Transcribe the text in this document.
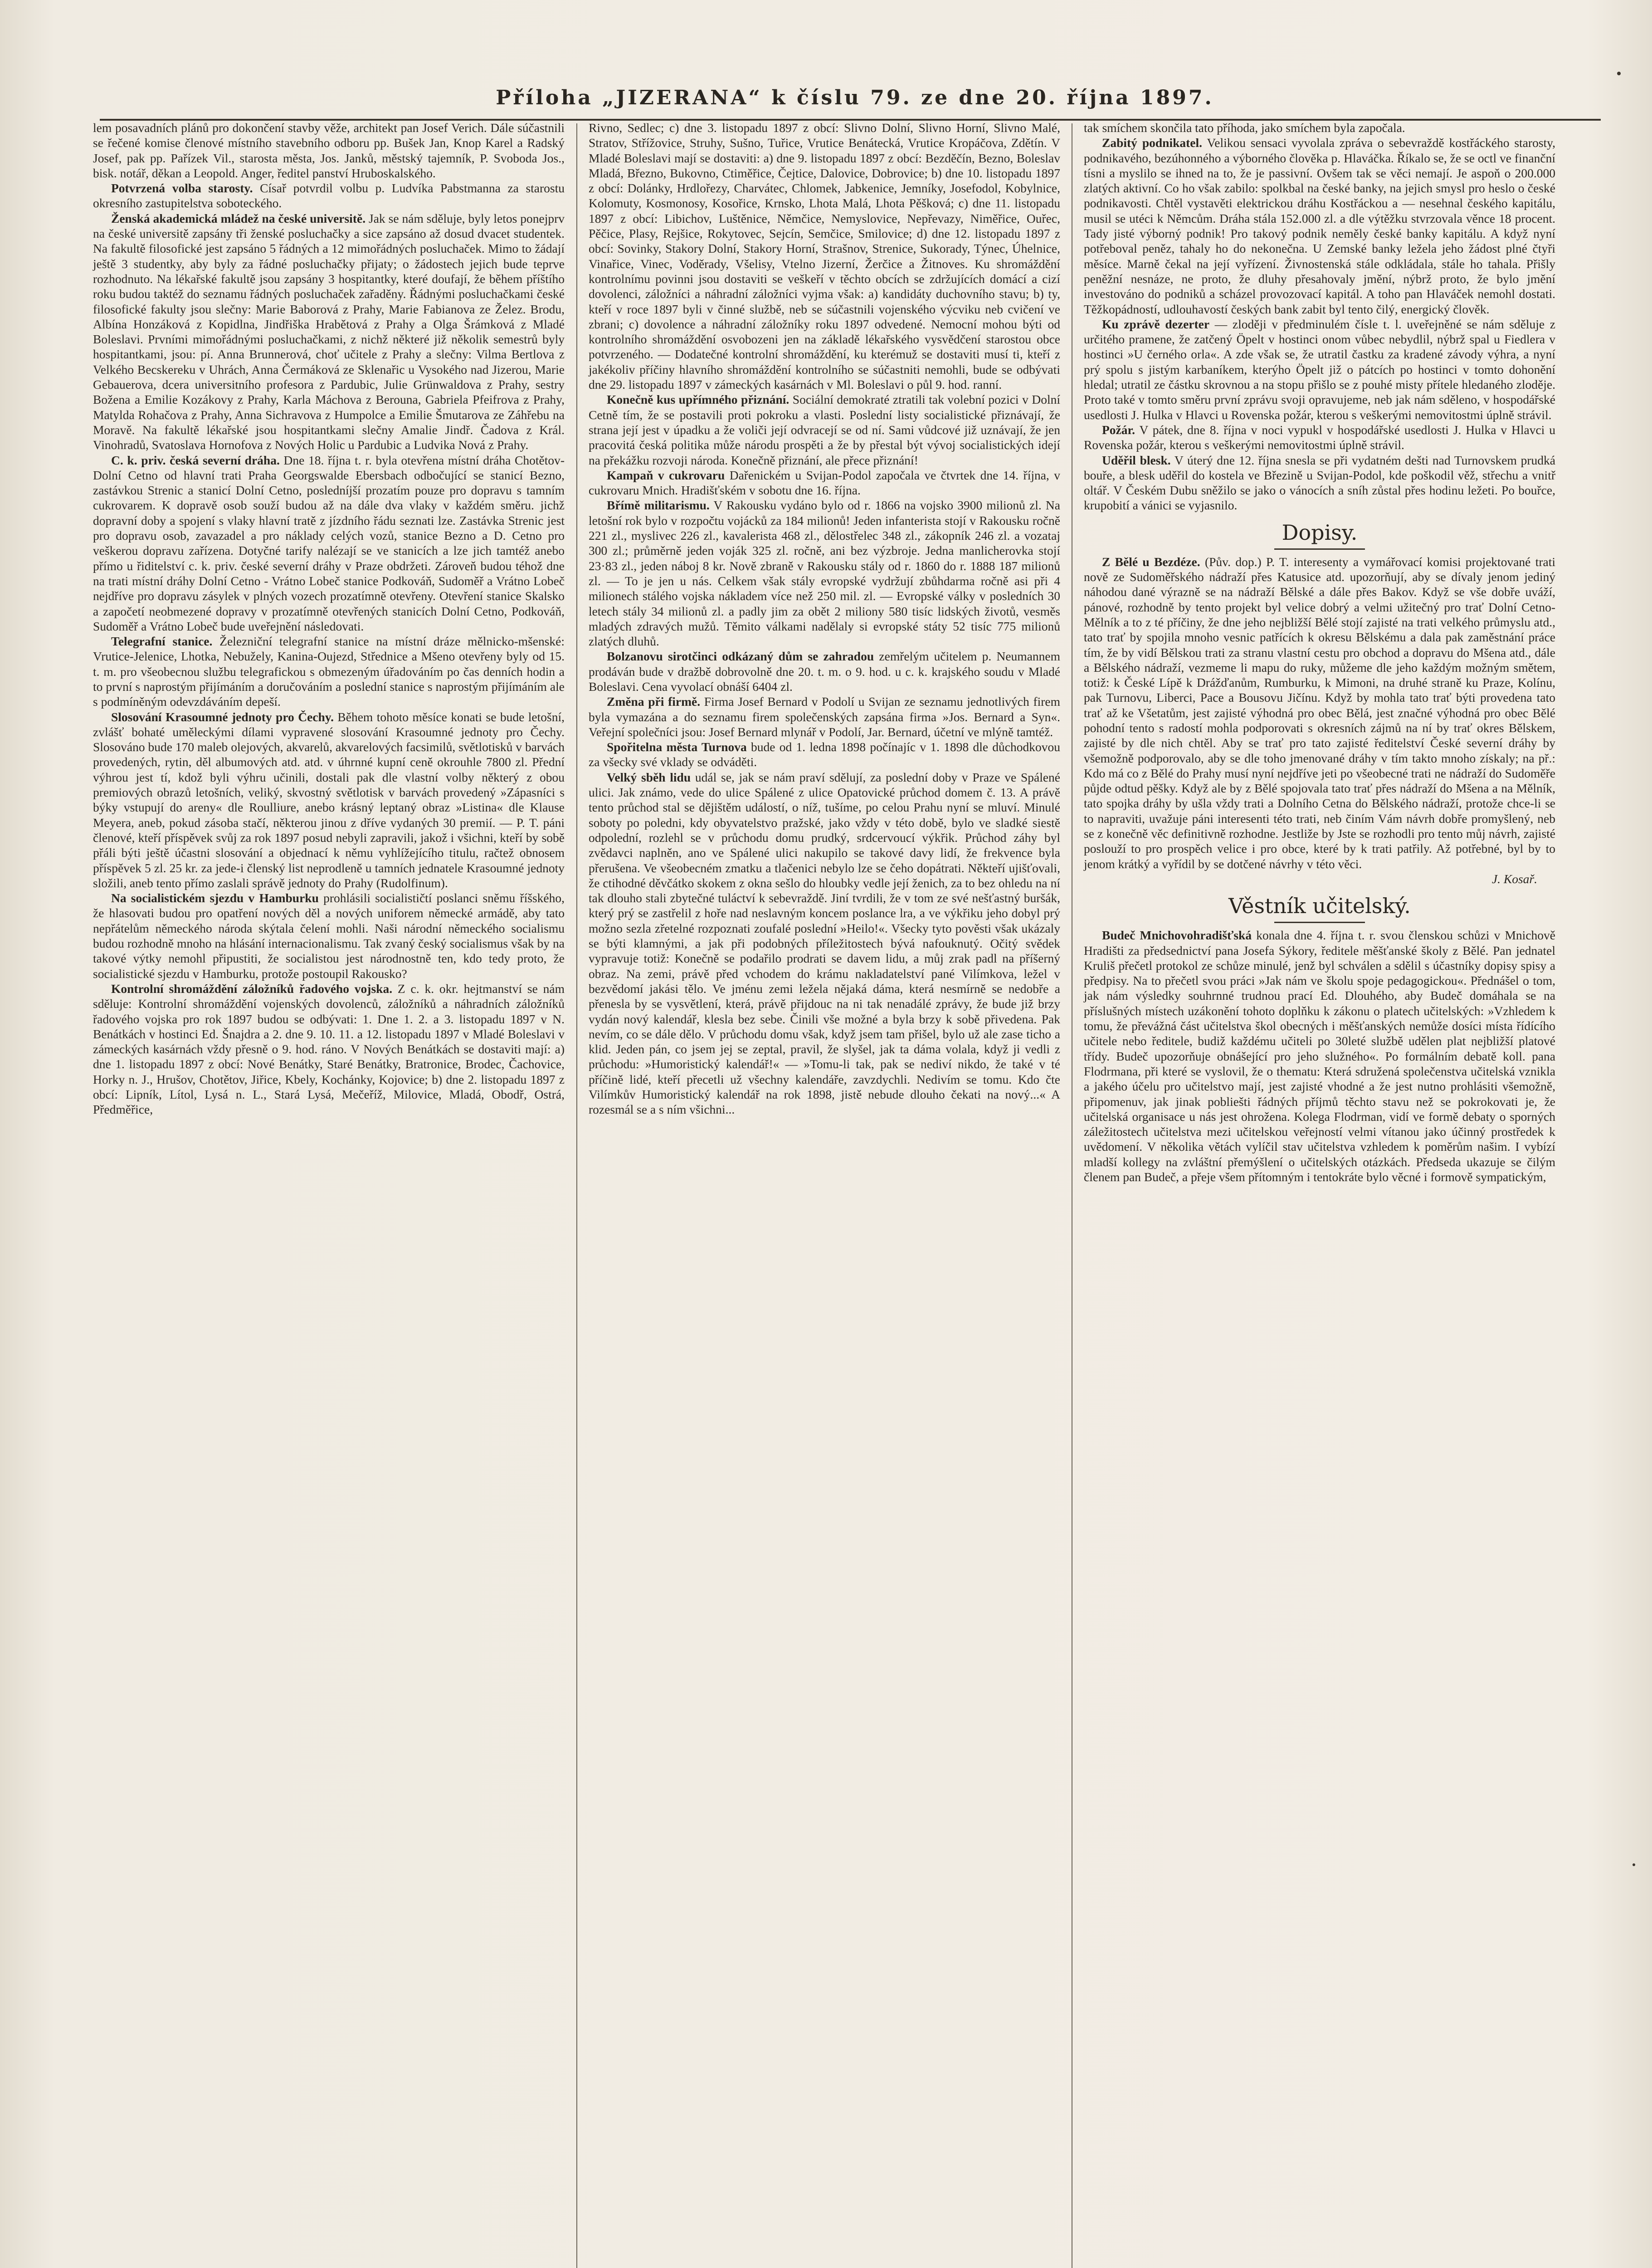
Příloha „JIZERANA“ k číslu 79. ze dne 20. října 1897.

lem posavadních plánů pro dokončení stavby věže, architekt pan Josef Verich. Dále súčastnili se řečené komise členové místního stavebního odboru pp. Bušek Jan, Knop Karel a Radský Josef, pak pp. Pařízek Vil., starosta města, Jos. Janků, městský tajemník, P. Svoboda Jos., bisk. notář, děkan a Leopold. Anger, ředitel panství Hruboskalského.

Potvrzená volba starosty. Císař potvrdil volbu p. Ludvíka Pabstmanna za starostu okresního zastupitelstva soboteckého.

Ženská akademická mládež na české universitě. Jak se nám sděluje, byly letos ponejprv na české universitě zapsány tři ženské posluchačky a sice zapsáno až dosud dvacet studentek. Na fakultě filosofické jest zapsáno 5 řádných a 12 mimořádných posluchaček. Mimo to žádají ještě 3 studentky, aby byly za řádné posluchačky přijaty; o žádostech jejich bude teprve rozhodnuto. Na lékařské fakultě jsou zapsány 3 hospitantky, které doufají, že během příštího roku budou taktéž do seznamu řádných posluchaček zařaděny. Řádnými posluchačkami české filosofické fakulty jsou slečny: Marie Baborová z Prahy, Marie Fabianova ze Želez. Brodu, Albína Honzáková z Kopidlna, Jindřiška Hrabětová z Prahy a Olga Šrámková z Mladé Boleslavi. Prvními mimořádnými posluchačkami, z nichž některé již několik semestrů byly hospitantkami, jsou: pí. Anna Brunnerová, choť učitele z Prahy a slečny: Vilma Bertlova z Velkého Becskereku v Uhrách, Anna Čermáková ze Sklenařic u Vysokého nad Jizerou, Marie Gebauerova, dcera universitního profesora z Pardubic, Julie Grünwaldova z Prahy, sestry Božena a Emilie Kozákovy z Prahy, Karla Máchova z Berouna, Gabriela Pfeifrova z Prahy, Matylda Rohačova z Prahy, Anna Sichravova z Humpolce a Emilie Šmutarova ze Záhřebu na Moravě. Na fakultě lékařské jsou hospitantkami slečny Amalie Jindř. Čadova z Král. Vinohradů, Svatoslava Hornofova z Nových Holic u Pardubic a Ludvika Nová z Prahy.

C. k. priv. česká severní dráha. Dne 18. října t. r. byla otevřena místní dráha Chotětov-Dolní Cetno od hlavní trati Praha Georgswalde Ebersbach odbočující se stanicí Bezno, zastávkou Strenic a stanicí Dolní Cetno, posledníjší prozatím pouze pro dopravu s tamním cukrovarem. K dopravě osob souží budou až na dále dva vlaky v každém směru. jichž dopravní doby a spojení s vlaky hlavní tratě z jízdního řádu seznati lze. Zastávka Strenic jest pro dopravu osob, zavazadel a pro náklady celých vozů, stanice Bezno a D. Cetno pro veškerou dopravu zařízena. Dotyčné tarify nalézají se ve stanicích a lze jich tamtéž anebo přímo u řiditelství c. k. priv. české severní dráhy v Praze obdržeti. Zároveň budou téhož dne na trati místní dráhy Dolní Cetno - Vrátno Lobeč stanice Podkováň, Sudoměř a Vrátno Lobeč nejdříve pro dopravu zásylek v plných vozech prozatímně otevřeny. Otevření stanice Skalsko a započetí neobmezené dopravy v prozatímně otevřených stanicích Dolní Cetno, Podkováň, Sudoměř a Vrátno Lobeč bude uveřejnění následovati.

Telegrafní stanice. Železniční telegrafní stanice na místní dráze mělnicko-mšenské: Vrutice-Jelenice, Lhotka, Nebužely, Kanina-Oujezd, Střednice a Mšeno otevřeny byly od 15. t. m. pro všeobecnou službu telegrafickou s obmezeným úřadováním po čas denních hodin a to první s naprostým přijímáním a doručováním a poslední stanice s naprostým přijímáním ale s podmíněným odevzdáváním depeší.

Slosování Krasoumné jednoty pro Čechy. Během tohoto měsíce konati se bude letošní, zvlášť bohaté uměleckými dílami vypravené slosování Krasoumné jednoty pro Čechy. Slosováno bude 170 maleb olejových, akvarelů, akvarelových facsimilů, světlotisků v barvách provedených, rytin, děl albumových atd. atd. v úhrnné kupní ceně okrouhle 7800 zl. Přední výhrou jest tí, kdož byli výhru učinili, dostali pak dle vlastní volby některý z obou premiových obrazů letošních, veliký, skvostný světlotisk v barvách provedený »Zápasníci s býky vstupují do areny« dle Roulliure, anebo krásný leptaný obraz »Listina« dle Klause Meyera, aneb, pokud zásoba stačí, některou jinou z dříve vydaných 30 premií. — P. T. páni členové, kteří příspěvek svůj za rok 1897 posud nebyli zapravili, jakož i všichni, kteří by sobě přáli býti ještě účastni slosování a objednací k němu vyhlížejícího titulu, račtež obnosem příspěvek 5 zl. 25 kr. za jede-i členský list neprodleně u tamních jednatele Krasoumné jednoty složili, aneb tento přímo zaslali správě jednoty do Prahy (Rudolfinum).

Na socialistickém sjezdu v Hamburku prohlásili socialističtí poslanci sněmu říšského, že hlasovati budou pro opatření nových děl a nových uniforem německé armádě, aby tato nepřátelům německého národa skýtala čelení mohli. Naši národní německého socialismu budou rozhodně mnoho na hlásání internacionalismu. Tak zvaný český socialismus však by na takové výtky nemohl připustiti, že socialistou jest národnostně ten, kdo tedy proto, že socialistické sjezdu v Hamburku, protože postoupil Rakousko?

Kontrolní shromáždění záložníků řadového vojska. Z c. k. okr. hejtmanství se nám sděluje: Kontrolní shromáždění vojenských dovolenců, záložníků a náhradních záložníků řadového vojska pro rok 1897 budou se odbývati: 1. Dne 1. 2. a 3. listopadu 1897 v N. Benátkách v hostinci Ed. Šnajdra a 2. dne 9. 10. 11. a 12. listopadu 1897 v Mladé Boleslavi v zámeckých kasárnách vždy přesně o 9. hod. ráno. V Nových Benátkách se dostaviti mají: a) dne 1. listopadu 1897 z obcí: Nové Benátky, Staré Benátky, Bratronice, Brodec, Čachovice, Horky n. J., Hrušov, Chotětov, Jiřice, Kbely, Kochánky, Kojovice; b) dne 2. listopadu 1897 z obcí: Lipník, Lítol, Lysá n. L., Stará Lysá, Mečeříž, Milovice, Mladá, Obodř, Ostrá, Předměřice,

Rivno, Sedlec; c) dne 3. listopadu 1897 z obcí: Slivno Dolní, Slivno Horní, Slivno Malé, Stratov, Střížovice, Struhy, Sušno, Tuřice, Vrutice Benátecká, Vrutice Kropáčova, Zdětín. V Mladé Boleslavi mají se dostaviti: a) dne 9. listopadu 1897 z obcí: Bezděčín, Bezno, Boleslav Mladá, Březno, Bukovno, Ctiměřice, Čejtice, Dalovice, Dobrovice; b) dne 10. listopadu 1897 z obcí: Dolánky, Hrdlořezy, Charvátec, Chlomek, Jabkenice, Jemníky, Josefodol, Kobylnice, Kolomuty, Kosmonosy, Kosořice, Krnsko, Lhota Malá, Lhota Pěšková; c) dne 11. listopadu 1897 z obcí: Libichov, Luštěnice, Němčice, Nemyslovice, Nepřevazy, Niměřice, Ouřec, Pěčice, Plasy, Rejšice, Rokytovec, Sejcín, Semčice, Smilovice; d) dne 12. listopadu 1897 z obcí: Sovinky, Stakory Dolní, Stakory Horní, Strašnov, Strenice, Sukorady, Týnec, Úhelnice, Vinařice, Vinec, Voděrady, Všelisy, Vtelno Jizerní, Žerčice a Žitnoves. Ku shromáždění kontrolnímu povinni jsou dostaviti se veškeří v těchto obcích se zdržujících domácí a cizí dovolenci, záložníci a náhradní záložníci vyjma však: a) kandidáty duchovního stavu; b) ty, kteří v roce 1897 byli v činné službě, neb se súčastnili vojenského výcviku neb cvičení ve zbrani; c) dovolence a náhradní záložníky roku 1897 odvedené. Nemocní mohou býti od kontrolního shromáždění osvobozeni jen na základě lékařského vysvědčení starostou obce potvrzeného. — Dodatečné kontrolní shromáždění, ku kterémuž se dostaviti musí ti, kteří z jakékoliv příčiny hlavního shromáždění kontrolního se súčastniti nemohli, bude se odbývati dne 29. listopadu 1897 v zámeckých kasárnách v Ml. Boleslavi o půl 9. hod. ranní.

Konečně kus upřímného přiznání. Sociální demokraté ztratili tak volební pozici v Dolní Cetně tím, že se postavili proti pokroku a vlasti. Poslední listy socialistické přiznávají, že strana její jest v úpadku a že voliči její odvracejí se od ní. Sami vůdcové již uznávají, že jen pracovitá česká politika může národu prospěti a že by přestal být vývoj socialistických idejí na překážku rozvoji národa. Konečně přiznání, ale přece přiznání!

Kampaň v cukrovaru Dařenickém u Svijan-Podol započala ve čtvrtek dne 14. října, v cukrovaru Mnich. Hradišťském v sobotu dne 16. října.

Břímě militarismu. V Rakousku vydáno bylo od r. 1866 na vojsko 3900 milionů zl. Na letošní rok bylo v rozpočtu vojácků za 184 milionů! Jeden infanterista stojí v Rakousku ročně 221 zl., myslivec 226 zl., kavalerista 468 zl., dělostřelec 348 zl., zákopník 246 zl. a vozataj 300 zl.; průměrně jeden voják 325 zl. ročně, ani bez výzbroje. Jedna manlicherovka stojí 23·83 zl., jeden náboj 8 kr. Nově zbraně v Rakousku stály od r. 1860 do r. 1888 187 milionů zl. — To je jen u nás. Celkem však stály evropské vydržují zbůhdarma ročně asi při 4 milionech stálého vojska nákladem více než 250 mil. zl. — Evropské války v posledních 30 letech stály 34 milionů zl. a padly jim za obět 2 miliony 580 tisíc lidských životů, vesměs mladých zdravých mužů. Těmito válkami nadělaly si evropské státy 52 tisíc 775 milionů zlatých dluhů.

Bolzanovu sirotčinci odkázaný dům se zahradou zemřelým učitelem p. Neumannem prodáván bude v dražbě dobrovolně dne 20. t. m. o 9. hod. u c. k. krajského soudu v Mladé Boleslavi. Cena vyvolací obnáší 6404 zl.

Změna při firmě. Firma Josef Bernard v Podolí u Svijan ze seznamu jednotlivých firem byla vymazána a do seznamu firem společenských zapsána firma »Jos. Bernard a Syn«. Veřejní společníci jsou: Josef Bernard mlynář v Podolí, Jar. Bernard, účetní ve mlýně tamtéž.

Spořitelna města Turnova bude od 1. ledna 1898 počínajíc v 1. 1898 dle důchodkovou za všecky své vklady se odváděti.

Velký sběh lidu udál se, jak se nám praví sdělují, za poslední doby v Praze ve Spálené ulici. Jak známo, vede do ulice Spálené z ulice Opatovické průchod domem č. 13. A právě tento průchod stal se dějištěm událostí, o níž, tušíme, po celou Prahu nyní se mluví. Minulé soboty po poledni, kdy obyvatelstvo pražské, jako vždy v této době, bylo ve sladké siestě odpolední, rozlehl se v průchodu domu prudký, srdcervoucí výkřik. Průchod záhy byl zvědavci naplněn, ano ve Spálené ulici nakupilo se takové davy lidí, že frekvence byla přerušena. Ve všeobecném zmatku a tlačenici nebylo lze se čeho dopátrati. Někteří ujišťovali, že ctihodné děvčátko skokem z okna sešlo do hloubky vedle její ženich, za to bez ohledu na ní tak dlouho stali zbytečné tuláctví k sebevraždě. Jiní tvrdili, že v tom ze své nešťastný buršák, který prý se zastřelil z hoře nad neslavným koncem poslance lra, a ve výkřiku jeho dobyl prý možno sezla zřetelné rozpoznati zoufalé poslední »Heilo!«. Všecky tyto pověsti však ukázaly se býti klamnými, a jak při podobných příležitostech bývá nafouknutý. Očitý svědek vypravuje totiž: Konečně se podařilo prodrati se davem lidu, a můj zrak padl na příšerný obraz. Na zemi, právě před vchodem do krámu nakladatelství pané Vilímkova, ležel v bezvědomí jakási tělo. Ve jménu zemi ležela nějaká dáma, která nesmírně se nedobře a přenesla by se vysvětlení, která, právě přijdouc na ni tak nenadálé zprávy, že bude již brzy vydán nový kalendář, klesla bez sebe. Činili vše možné a byla brzy k sobě přivedena. Pak nevím, co se dále dělo. V průchodu domu však, když jsem tam přišel, bylo už ale zase ticho a klid. Jeden pán, co jsem jej se zeptal, pravil, že slyšel, jak ta dáma volala, když ji vedli z průchodu: »Humoristický kalendář!« — »Tomu-li tak, pak se nediví nikdo, že také v té příčině lidé, kteří přecetli už všechny kalendáře, zavzdychli. Nedivím se tomu. Kdo čte Vilímkův Humoristický kalendář na rok 1898, jistě nebude dlouho čekati na nový...« A rozesmál se a s ním všichni...

tak smíchem skončila tato příhoda, jako smíchem byla započala.

Zabitý podnikatel. Velikou sensaci vyvolala zpráva o sebevraždě kostřáckého starosty, podnikavého, bezúhonného a výborného člověka p. Hlaváčka. Říkalo se, že se octl ve finanční tísni a myslilo se ihned na to, že je passivní. Ovšem tak se věci nemají. Je aspoň o 200.000 zlatých aktivní. Co ho však zabilo: spolkbal na české banky, na jejich smysl pro heslo o české podnikavosti. Chtěl vystavěti elektrickou dráhu Kostřáckou a — nesehnal českého kapitálu, musil se utéci k Němcům. Dráha stála 152.000 zl. a dle výtěžku stvrzovala věnce 18 procent. Tady jisté výborný podnik! Pro takový podnik neměly české banky kapitálu. A když nyní potřeboval peněz, tahaly ho do nekonečna. U Zemské banky ležela jeho žádost plné čtyři měsíce. Marně čekal na její vyřízení. Živnostenská stále odkládala, stále ho tahala. Přišly peněžní nesnáze, ne proto, že dluhy přesahovaly jmění, nýbrž proto, že bylo jmění investováno do podniků a scházel provozovací kapitál. A toho pan Hlaváček nemohl dostati. Těžkopádností, udlouhavostí českých bank zabit byl tento čilý, energický člověk.

Ku zprávě dezerter — zloději v předminulém čísle t. l. uveřejněné se nám sděluje z určitého pramene, že zatčený Öpelt v hostinci onom vůbec nebydlil, nýbrž spal u Fiedlera v hostinci »U černého orla«. A zde však se, že utratil častku za kradené závody výhra, a nyní prý spolu s jistým karbaníkem, kterýho Öpelt již o pátcích po hostinci v tomto dohonění hledal; utratil ze částku skrovnou a na stopu přišlo se z pouhé misty přítele hledaného zloděje. Proto také v tomto směru první zprávu svoji opravujeme, neb jak nám sděleno, v hospodářské usedlosti J. Hulka v Hlavci u Rovenska požár, kterou s veškerými nemovitostmi úplně strávil.

Požár. V pátek, dne 8. října v noci vypukl v hospodářské usedlosti J. Hulka v Hlavci u Rovenska požár, kterou s veškerými nemovitostmi úplně strávil.

Uděřil blesk. V úterý dne 12. října snesla se při vydatném dešti nad Turnovskem prudká bouře, a blesk uděřil do kostela ve Březině u Svijan-Podol, kde poškodil věž, střechu a vnitř oltář. V Českém Dubu sněžilo se jako o vánocích a sníh zůstal přes hodinu ležeti. Po bouřce, krupobití a vánici se vyjasnilo.

Dopisy.

Z Bělé u Bezdéze. (Pův. dop.) P. T. interesenty a vymářovací komisi projektované trati nově ze Sudoměřského nádraží přes Katusice atd. upozorňují, aby se dívaly jenom jediný náhodou dané výrazně se na nádraží Bělské a dále přes Bakov. Když se vše dobře uváží, pánové, rozhodně by tento projekt byl velice dobrý a velmi užitečný pro trať Dolní Cetno-Mělník a to z té příčiny, že dne jeho nejbližší Bělé stojí zajisté na trati velkého průmyslu atd., tato trať by spojila mnoho vesnic patřících k okresu Bělskému a dala pak zaměstnání práce tím, že by vidí Bělskou trati za stranu vlastní cestu pro obchod a dopravu do Mšena atd., dále a Bělského nádraží, vezmeme li mapu do ruky, můžeme dle jeho každým možným smětem, totiž: k České Lípě k Drážďanům, Rumburku, k Mimoni, na druhé straně ku Praze, Kolínu, pak Turnovu, Liberci, Pace a Bousovu Jičínu. Když by mohla tato trať býti provedena tato trať až ke Všetatům, jest zajisté výhodná pro obec Bělá, jest značné výhodná pro obec Bělé pohodní tento s radostí mohla podporovati s okresních zájmů na ní by trať okres Bělskem, zajisté by dle nich chtěl. Aby se trať pro tato zajisté ředitelství České severní dráhy by všemožně podporovalo, aby se dle toho jmenované dráhy v tím takto mnoho získaly; na př.: Kdo má co z Bělé do Prahy musí nyní nejdříve jeti po všeobecné trati ne nádraží do Sudoměře půjde odtud pěšky. Když ale by z Bělé spojovala tato trať přes nádraží do Mšena a na Mělník, tato spojka dráhy by ušla vždy trati a Dolního Cetna do Bělského nádraží, protože chce-li se to napraviti, uvažuje páni interesenti této trati, neb činím Vám návrh dobře promyšlený, neb se z konečně věc definitivně rozhodne. Jestliže by Jste se rozhodli pro tento můj návrh, zajisté poslouží to pro prospěch velice i pro obce, které by k trati patřily. Až potřebné, byl by to jenom krátký a vyřídil by se dotčené návrhy v této věci.

J. Kosař.

Věstník učitelský.

Budeč Mnichovohradišťská konala dne 4. října t. r. svou členskou schůzi v Mnichově Hradišti za předsednictví pana Josefa Sýkory, ředitele měšťanské školy z Bělé. Pan jednatel Kruliš přečetl protokol ze schůze minulé, jenž byl schválen a sdělil s účastníky dopisy spisy a předpisy. Na to přečetl svou práci »Jak nám ve školu spoje pedagogickou«. Přednášel o tom, jak nám výsledky souhrnné trudnou prací Ed. Dlouhého, aby Budeč domáhala se na příslušných místech uzákonění tohoto doplňku k zákonu o platech učitelských: »Vzhledem k tomu, že převážná část učitelstva škol obecných i měšťanských nemůže dosíci místa řídícího učitele nebo ředitele, budiž každému učiteli po 30leté službě udělen plat nejbližší platové třídy. Budeč upozorňuje obnášející pro jeho služného«. Po formálním debatě koll. pana Flodrmana, při které se vyslovil, že o thematu: Která sdružená společenstva učitelská vznikla a jakého účelu pro učitelstvo mají, jest zajisté vhodné a že jest nutno prohlásiti všemožně, připomenuv, jak jinak pobliešti řádných příjmů těchto stavu než se pokrokovati je, že učitelská organisace u nás jest ohrožena. Kolega Flodrman, vidí ve formě debaty o sporných záležitostech učitelstva mezi učitelskou veřejností velmi vítanou jako účinný prostředek k uvědomení. V několika větách vylíčil stav učitelstva vzhledem k poměrům našim. I vybízí mladší kollegy na zvláštní přemýšlení o učitelských otázkách. Předseda ukazuje se čilým členem pan Budeč, a přeje všem přítomným i tentokráte bylo věcné i formově sympatickým,
